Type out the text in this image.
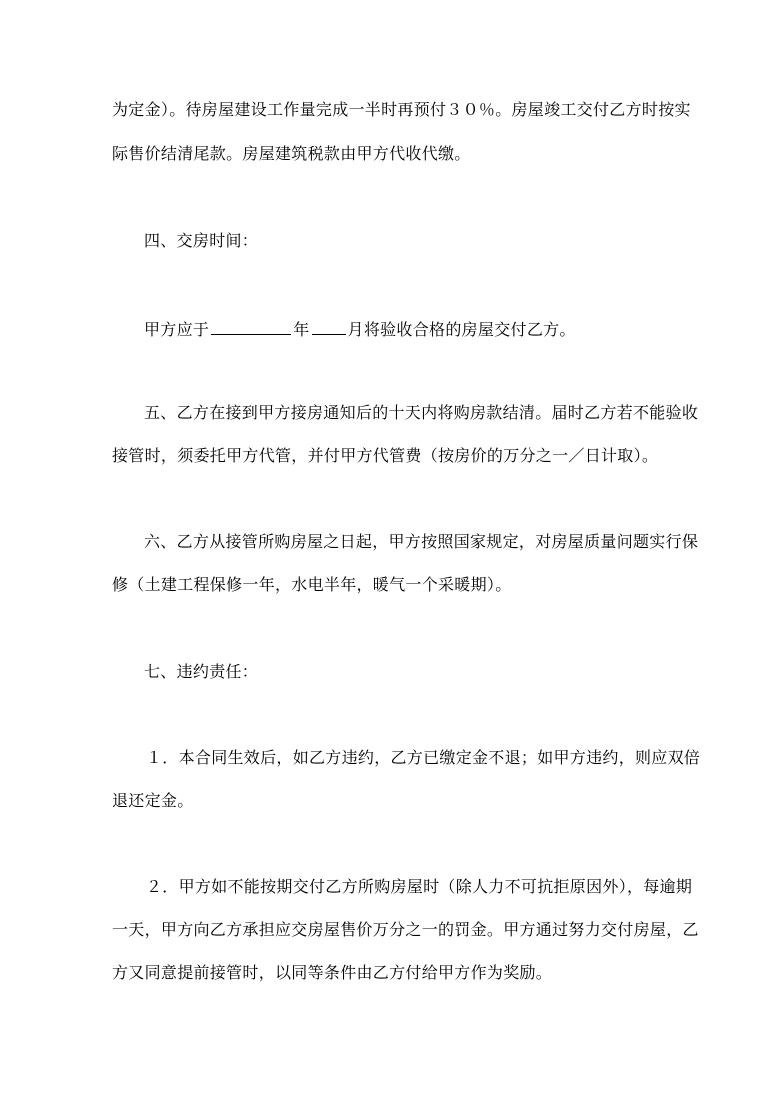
为定金）。待房屋建设工作量完成一半时再预付３０％。房屋竣工交付乙方时按实
际售价结清尾款。房屋建筑税款由甲方代收代缴。
四、交房时间：
甲方应于	年 月将验收合格的房屋交付乙方。
五、乙方在接到甲方接房通知后的十天内将购房款结清。届时乙方若不能验收
接管时，须委托甲方代管，并付甲方代管费（按房价的万分之一／日计取）。
六、乙方从接管所购房屋之日起，甲方按照国家规定，对房屋质量问题实行保
修（土建工程保修一年，水电半年，暖气一个采暖期）。
七、违约责任：
１．本合同生效后，如乙方违约，乙方已缴定金不退；如甲方违约，则应双倍
退还定金。
２．甲方如不能按期交付乙方所购房屋时（除人力不可抗拒原因外），每逾期
一天，甲方向乙方承担应交房屋售价万分之一的罚金。甲方通过努力交付房屋，乙
方又同意提前接管时，以同等条件由乙方付给甲方作为奖励。
